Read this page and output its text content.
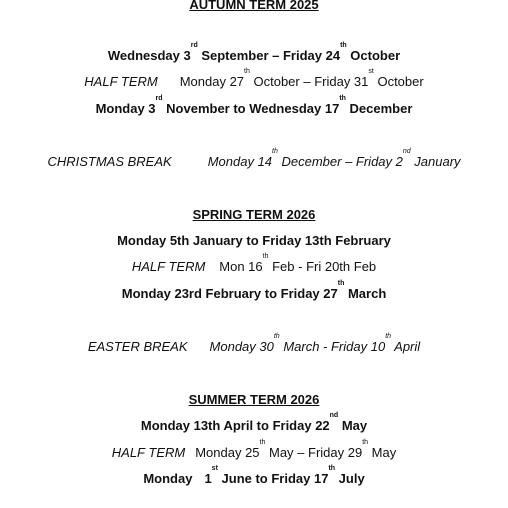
AUTUMN TERM 2025
Wednesday 3rd September – Friday 24th October
HALF TERM Monday 27th October – Friday 31st October
Monday 3rd November to Wednesday 17th December
CHRISTMAS BREAK	Monday 14th December – Friday 2nd January
SPRING TERM 2026
Monday 5th January to Friday 13th February
HALF TERM Mon 16th Feb - Fri 20th Feb
Monday 23rd February to Friday 27th March
EASTER BREAK Monday 30th March - Friday 10th April
SUMMER TERM 2026
Monday 13th April to Friday 22nd May
HALF TERM Monday 25th May – Friday 29th May
Monday 1st June to Friday 17th July
